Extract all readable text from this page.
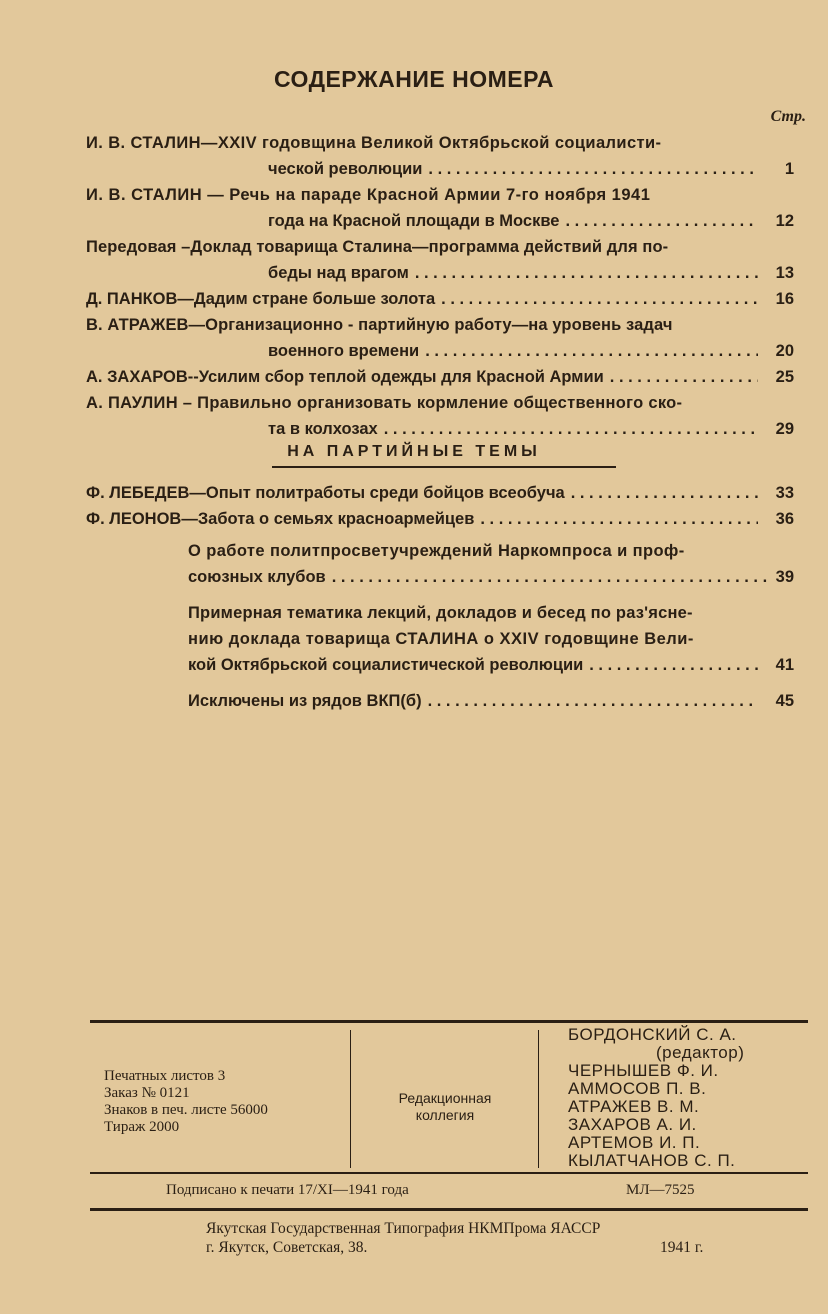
СОДЕРЖАНИЕ НОМЕРА
Стр.
И. В. СТАЛИН—XXIV годовщина Великой Октябрьской социалисти-
ческой революции . . .	1
И. В. СТАЛИН — Речь на параде Красной Армии 7-го ноября 1941
года на Красной площади в Москве . . .	12
Передовая –Доклад товарища Сталина—программа действий для по-
беды над врагом . . .	13
Д. ПАНКОВ—Дадим стране больше золота . . .	16
В. АТРАЖЕВ—Организационно - партийную работу—на уровень задач
военного времени . . .	20
А. ЗАХАРОВ--Усилим сбор теплой одежды для Красной Армии . . .	25
А. ПАУЛИН – Правильно организовать кормление общественного ско-
та в колхозах . . .	29
НА ПАРТИЙНЫЕ ТЕМЫ
Ф. ЛЕБЕДЕВ—Опыт политработы среди бойцов всеобуча . . .	33
Ф. ЛЕОНОВ—Забота о семьях красноармейцев . . .	36
О работе политпросветучреждений Наркомпроса и проф-
союзных клубов . . .	39
Примерная тематика лекций, докладов и бесед по раз'ясне-
нию доклада товарища СТАЛИНА о XXIV годовщине Вели-
кой Октябрьской социалистической революции . . .	41
Исключены из рядов ВКП(б) . . .	45
Печатных листов 3
Заказ № 0121
Знаков в печ. листе 56000
Тираж 2000
Редакционная
коллегия
БОРДОНСКИЙ С. А.
(редактор)
ЧЕРНЫШЕВ Ф. И.
АММОСОВ П. В.
АТРАЖЕВ В. М.
ЗАХАРОВ А. И.
АРТЕМОВ И. П.
КЫЛАТЧАНОВ С. П.
Подписано к печати 17/XI—1941 года	МЛ—7525
Якутская Государственная Типография НКМПрома ЯАССР
г. Якутск, Советская, 38.	1941 г.
